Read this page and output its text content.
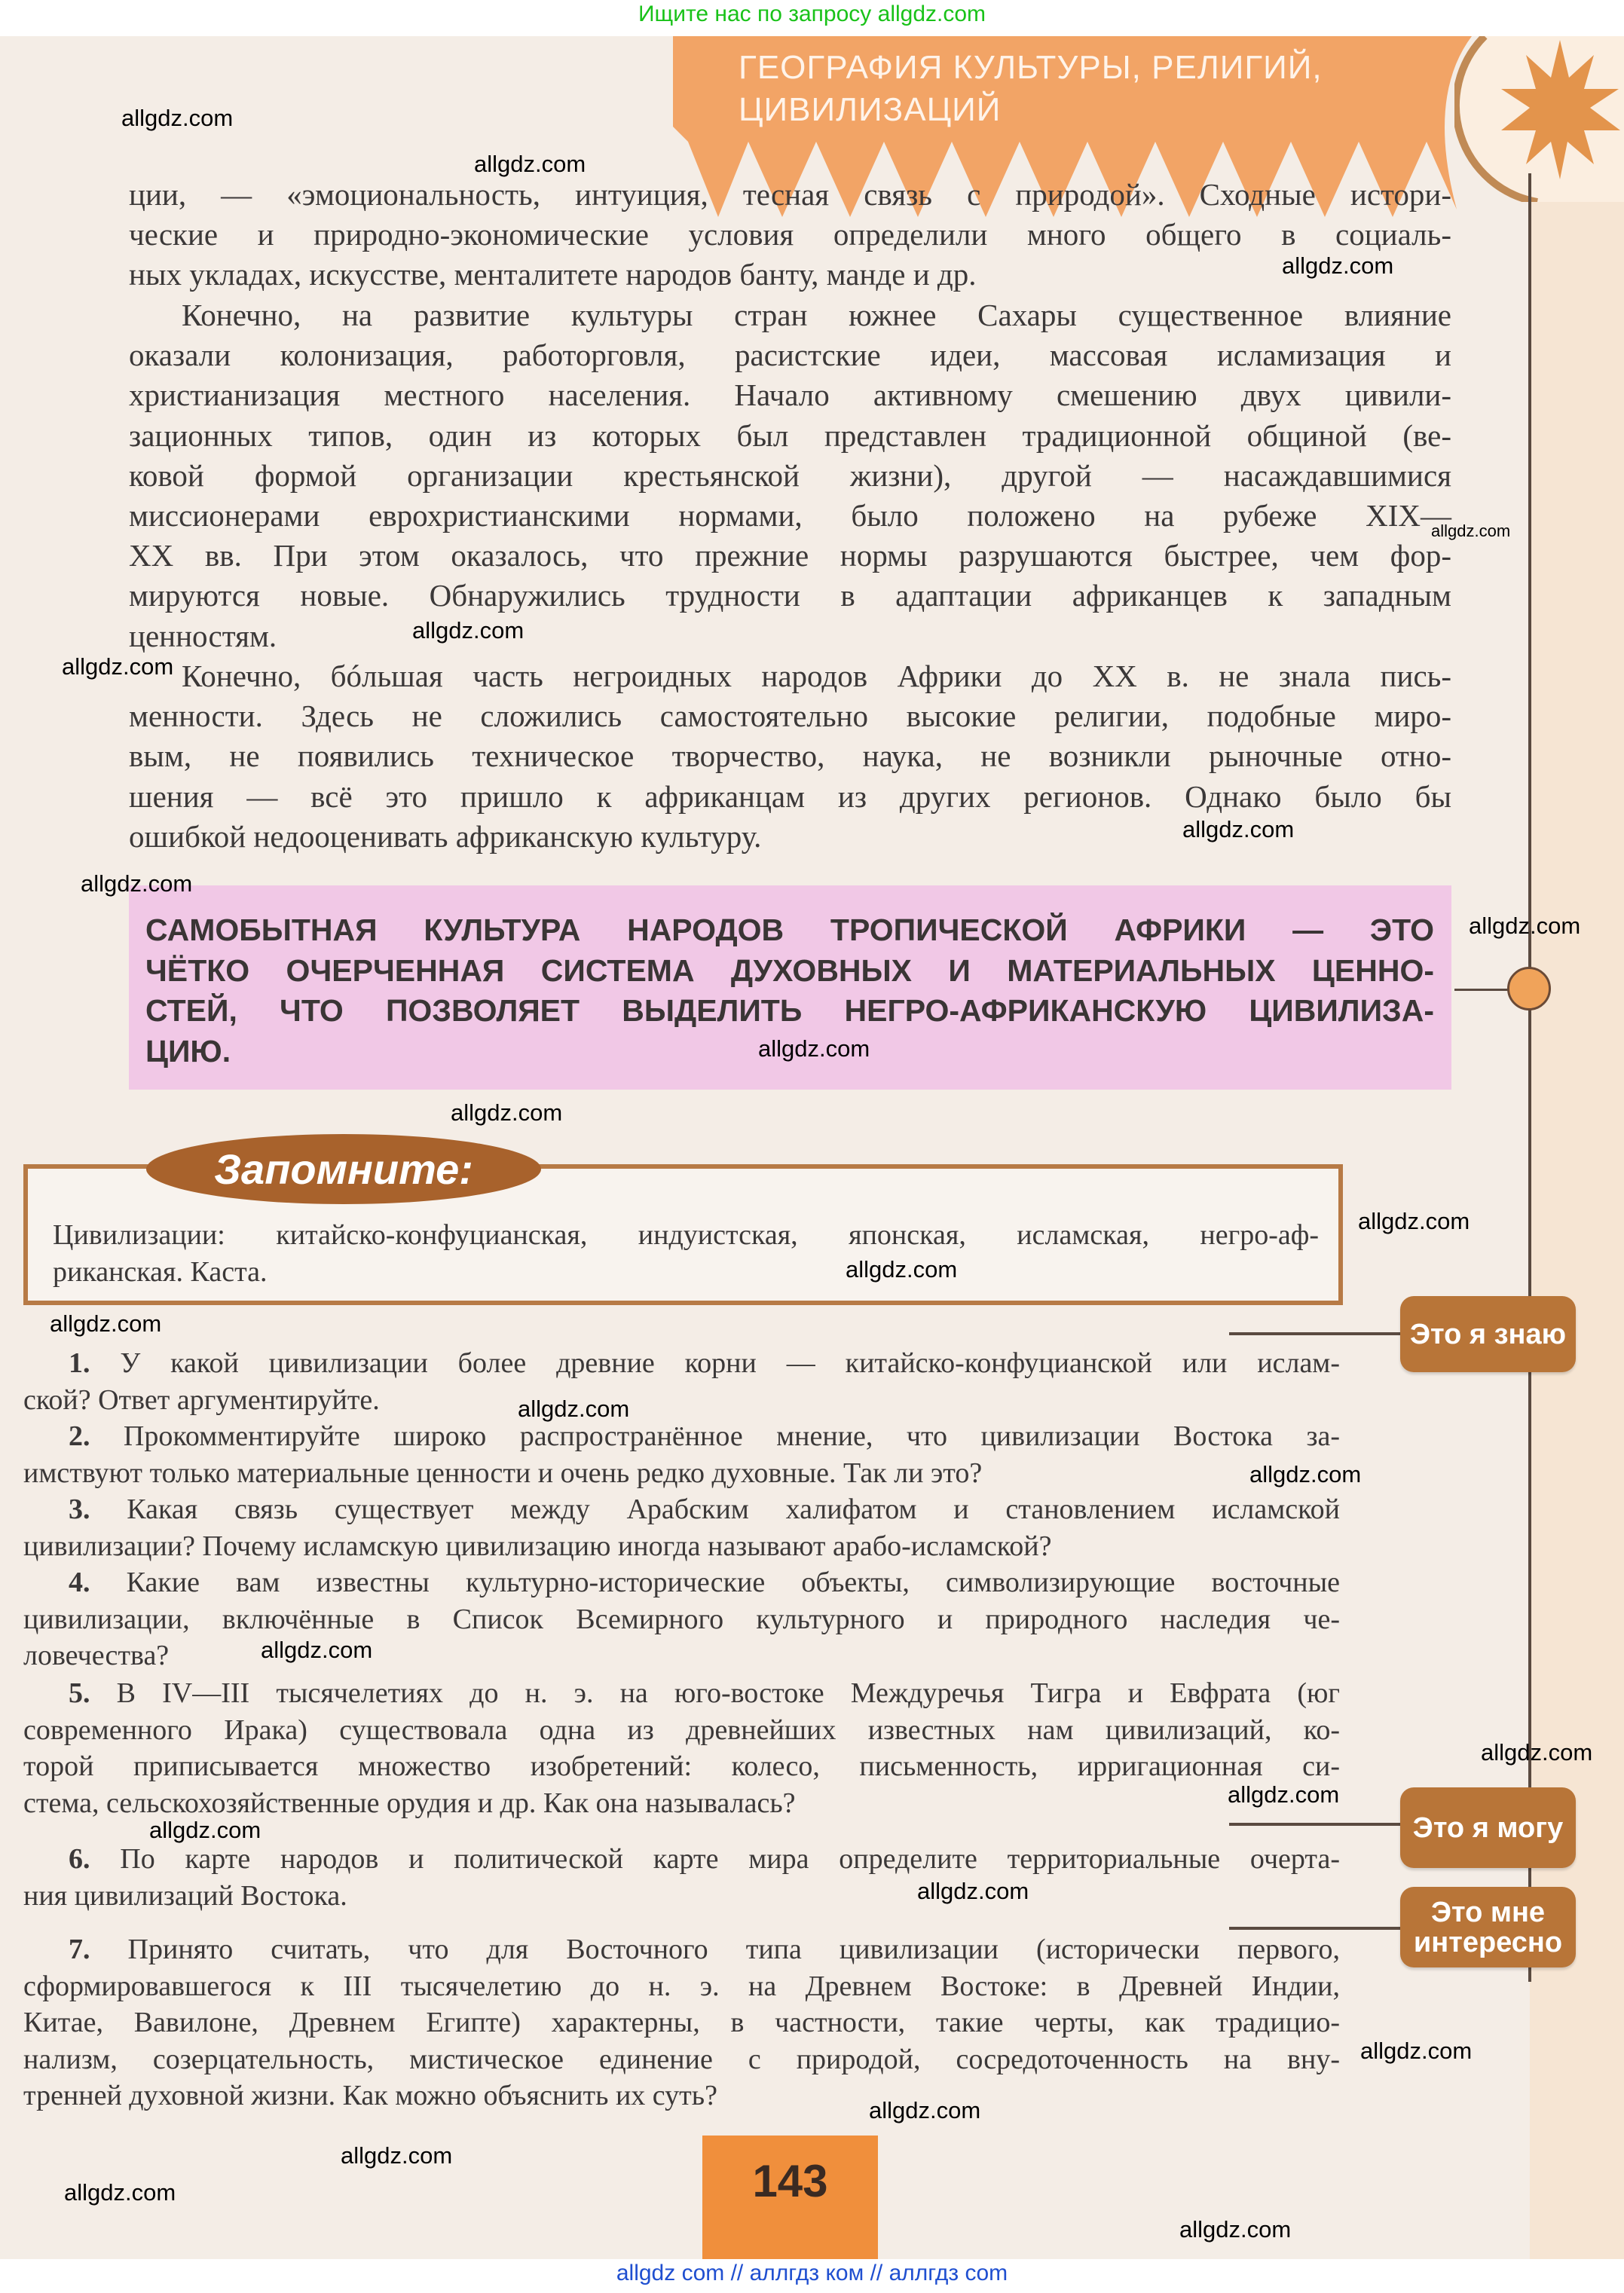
Ищите нас по запросу allgdz.com
ГЕОГРАФИЯ КУЛЬТУРЫ, РЕЛИГИЙ,
ЦИВИЛИЗАЦИЙ
ции, — «эмоциональность, интуиция, тесная связь с природой». Сходные истори-
ческие и природно-экономические условия определили много общего в социаль-
ных укладах, искусстве, менталитете народов банту, манде и др.
Конечно, на развитие культуры стран южнее Сахары существенное влияние
оказали колонизация, работорговля, расистские идеи, массовая исламизация и
христианизация местного населения. Начало активному смешению двух цивили-
зационных типов, один из которых был представлен традиционной общиной (ве-
ковой формой организации крестьянской жизни), другой — насаждавшимися
миссионерами еврохристианскими нормами, было положено на рубеже XIX—
XX вв. При этом оказалось, что прежние нормы разрушаются быстрее, чем фор-
мируются новые. Обнаружились трудности в адаптации африканцев к западным
ценностям.
Конечно, бóльшая часть негроидных народов Африки до XX в. не знала пись-
менности. Здесь не сложились самостоятельно высокие религии, подобные миро-
вым, не появились техническое творчество, наука, не возникли рыночные отно-
шения — всё это пришло к африканцам из других регионов. Однако было бы
ошибкой недооценивать африканскую культуру.
САМОБЫТНАЯ КУЛЬТУРА НАРОДОВ ТРОПИЧЕСКОЙ АФРИКИ — ЭТО
ЧЁТКО ОЧЕРЧЕННАЯ СИСТЕМА ДУХОВНЫХ И МАТЕРИАЛЬНЫХ ЦЕННО-
СТЕЙ, ЧТО ПОЗВОЛЯЕТ ВЫДЕЛИТЬ НЕГРО-АФРИКАНСКУЮ ЦИВИЛИЗА-
ЦИЮ.
Запомните:
Цивилизации: китайско-конфуцианская, индуистская, японская, исламская, негро-аф-
риканская. Каста.
1. У какой цивилизации более древние корни — китайско-конфуцианской или ислам-
ской? Ответ аргументируйте.
2. Прокомментируйте широко распространённое мнение, что цивилизации Востока за-
имствуют только материальные ценности и очень редко духовные. Так ли это?
3. Какая связь существует между Арабским халифатом и становлением исламской
цивилизации? Почему исламскую цивилизацию иногда называют арабо-исламской?
4. Какие вам известны культурно-исторические объекты, символизирующие восточные
цивилизации, включённые в Список Всемирного культурного и природного наследия че-
ловечества?
5. В IV—III тысячелетиях до н. э. на юго-востоке Междуречья Тигра и Евфрата (юг
современного Ирака) существовала одна из древнейших известных нам цивилизаций, ко-
торой приписывается множество изобретений: колесо, письменность, ирригационная си-
стема, сельскохозяйственные орудия и др. Как она называлась?
6. По карте народов и политической карте мира определите территориальные очерта-
ния цивилизаций Востока.
7. Принято считать, что для Восточного типа цивилизации (исторически первого,
сформировавшегося к III тысячелетию до н. э. на Древнем Востоке: в Древней Индии,
Китае, Вавилоне, Древнем Египте) характерны, в частности, такие черты, как традицио-
нализм, созерцательность, мистическое единение с природой, сосредоточенность на вну-
тренней духовной жизни. Как можно объяснить их суть?
Это я знаю
Это я могу
Это мне
интересно
143
allgdz com // аллгдз ком // аллгдз com
allgdz.com
allgdz.com
allgdz.com
allgdz.com
allgdz.com
allgdz.com
allgdz.com
allgdz.com
allgdz.com
allgdz.com
allgdz.com
allgdz.com
allgdz.com
allgdz.com
allgdz.com
allgdz.com
allgdz.com
allgdz.com
allgdz.com
allgdz.com
allgdz.com
allgdz.com
allgdz.com
allgdz.com
allgdz.com
allgdz.com
